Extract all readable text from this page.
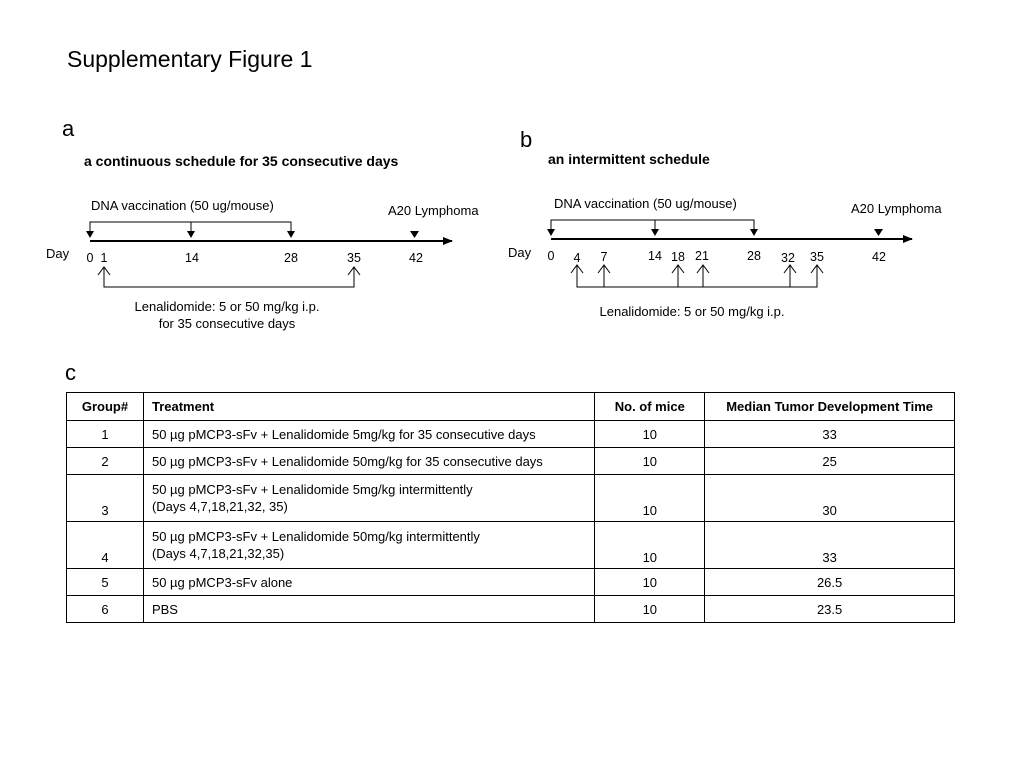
Supplementary Figure 1
a
a continuous schedule for 35 consecutive days
b
an intermittent schedule
DNA vaccination (50 ug/mouse)	A20 Lymphoma
Day 0 1	14	28	35	42
Lenalidomide: 5 or 50 mg/kg i.p.
for 35 consecutive days
DNA vaccination (50 ug/mouse)	A20 Lymphoma
Day 0 4 7	14 18 21	28 32 35	42
Lenalidomide: 5 or 50 mg/kg i.p.
c
Group#	Treatment	No. of mice	Median Tumor Development Time
1	50 µg pMCP3-sFv + Lenalidomide 5mg/kg for 35 consecutive days	10	33
2	50 µg pMCP3-sFv + Lenalidomide 50mg/kg for 35 consecutive days	10	25
3	50 µg pMCP3-sFv + Lenalidomide 5mg/kg intermittently
(Days 4,7,18,21,32, 35)	10	30
4	50 µg pMCP3-sFv + Lenalidomide 50mg/kg intermittently
(Days 4,7,18,21,32,35)	10	33
5	50 µg pMCP3-sFv alone	10	26.5
6	PBS	10	23.5
